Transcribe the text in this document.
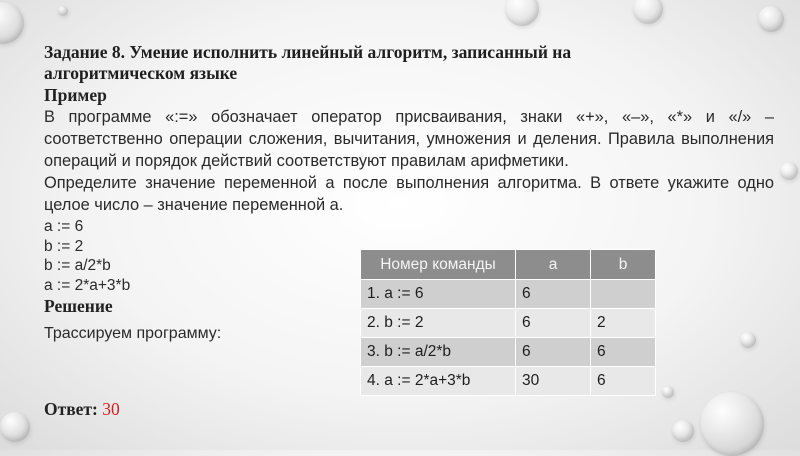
Задание 8. Умение исполнить линейный алгоритм, записанный на
алгоритмическом языке

Пример

В программе «:=» обозначает оператор присваивания, знаки «+», «–», «*» и «/» – соответственно операции сложения, вычитания, умножения и деления. Правила выполнения операций и порядок действий соответствуют правилам арифметики.

Определите значение переменной а после выполнения алгоритма. В ответе укажите одно целое число – значение переменной а.

a := 6
b := 2
b := a/2*b
a := 2*a+3*b
Решение
Трассируем программу:
Ответ: 30
Номер команды	a	b
1. a := 6	6	
2. b := 2	6	2
3. b := a/2*b	6	6
4. a := 2*a+3*b	30	6
